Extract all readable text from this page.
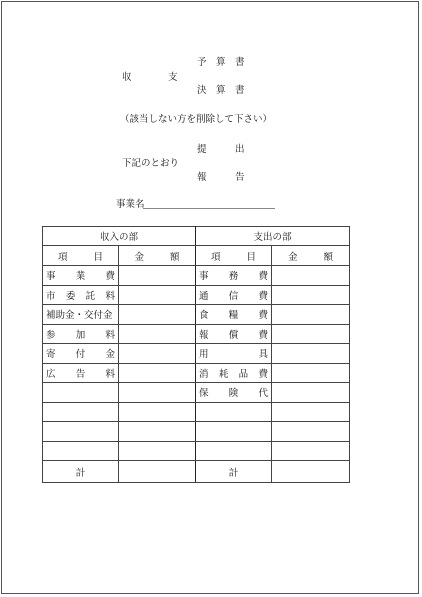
予　算　書
収	支
決　算　書
（該当しない方を削除して下さい）
提	出
下記のとおり
報	告
事業名
収入の部		支出の部	

項 目	金 額	項 目	金 額

事 業 費		事 務 費	

市 委 託 料		通 信 費	

補助金・交付金		食 糧 費	

参 加 料		報 償 費	

寄 付 金		用 具	

広 告 料		消 耗 品 費	

		保 険 代	

計		計	
